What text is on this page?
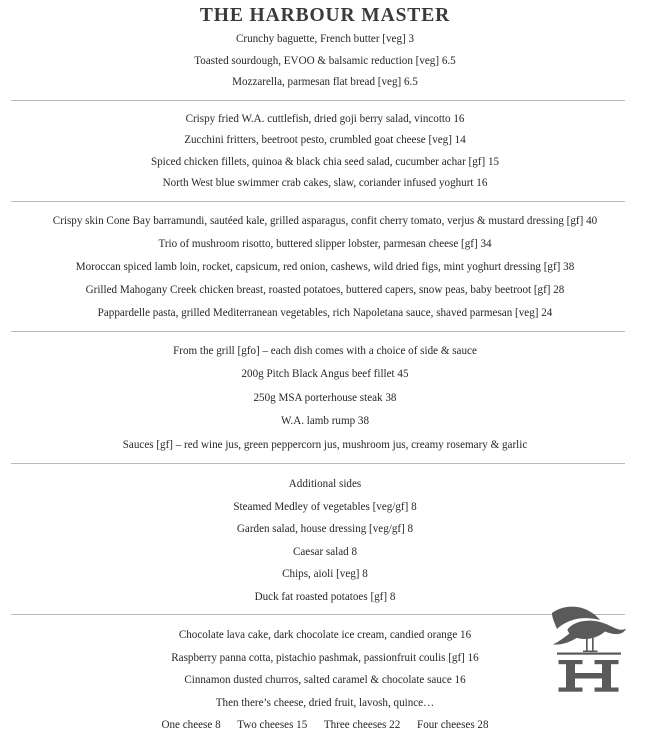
THE HARBOUR MASTER
Crunchy baguette, French butter [veg] 3
Toasted sourdough, EVOO & balsamic reduction [veg] 6.5
Mozzarella, parmesan flat bread [veg] 6.5
Crispy fried W.A. cuttlefish, dried goji berry salad, vincotto 16
Zucchini fritters, beetroot pesto, crumbled goat cheese [veg] 14
Spiced chicken fillets, quinoa & black chia seed salad, cucumber achar [gf] 15
North West blue swimmer crab cakes, slaw, coriander infused yoghurt 16
Crispy skin Cone Bay barramundi, sautéed kale, grilled asparagus, confit cherry tomato, verjus & mustard dressing [gf] 40
Trio of mushroom risotto, buttered slipper lobster, parmesan cheese [gf] 34
Moroccan spiced lamb loin, rocket, capsicum, red onion, cashews, wild dried figs, mint yoghurt dressing [gf] 38
Grilled Mahogany Creek chicken breast, roasted potatoes, buttered capers, snow peas, baby beetroot [gf] 28
Pappardelle pasta, grilled Mediterranean vegetables, rich Napoletana sauce, shaved parmesan [veg] 24
From the grill [gfo] – each dish comes with a choice of side & sauce
200g Pitch Black Angus beef fillet 45
250g MSA porterhouse steak 38
W.A. lamb rump 38
Sauces [gf] – red wine jus, green peppercorn jus, mushroom jus, creamy rosemary & garlic
Additional sides
Steamed Medley of vegetables [veg/gf] 8
Garden salad, house dressing [veg/gf] 8
Caesar salad 8
Chips, aioli [veg] 8
Duck fat roasted potatoes [gf] 8
Chocolate lava cake, dark chocolate ice cream, candied orange 16
Raspberry panna cotta, pistachio pashmak, passionfruit coulis [gf] 16
Cinnamon dusted churros, salted caramel & chocolate sauce 16
Then there’s cheese, dried fruit, lavosh, quince…
One cheese 8 Two cheeses 15 Three cheeses 22 Four cheeses 28
